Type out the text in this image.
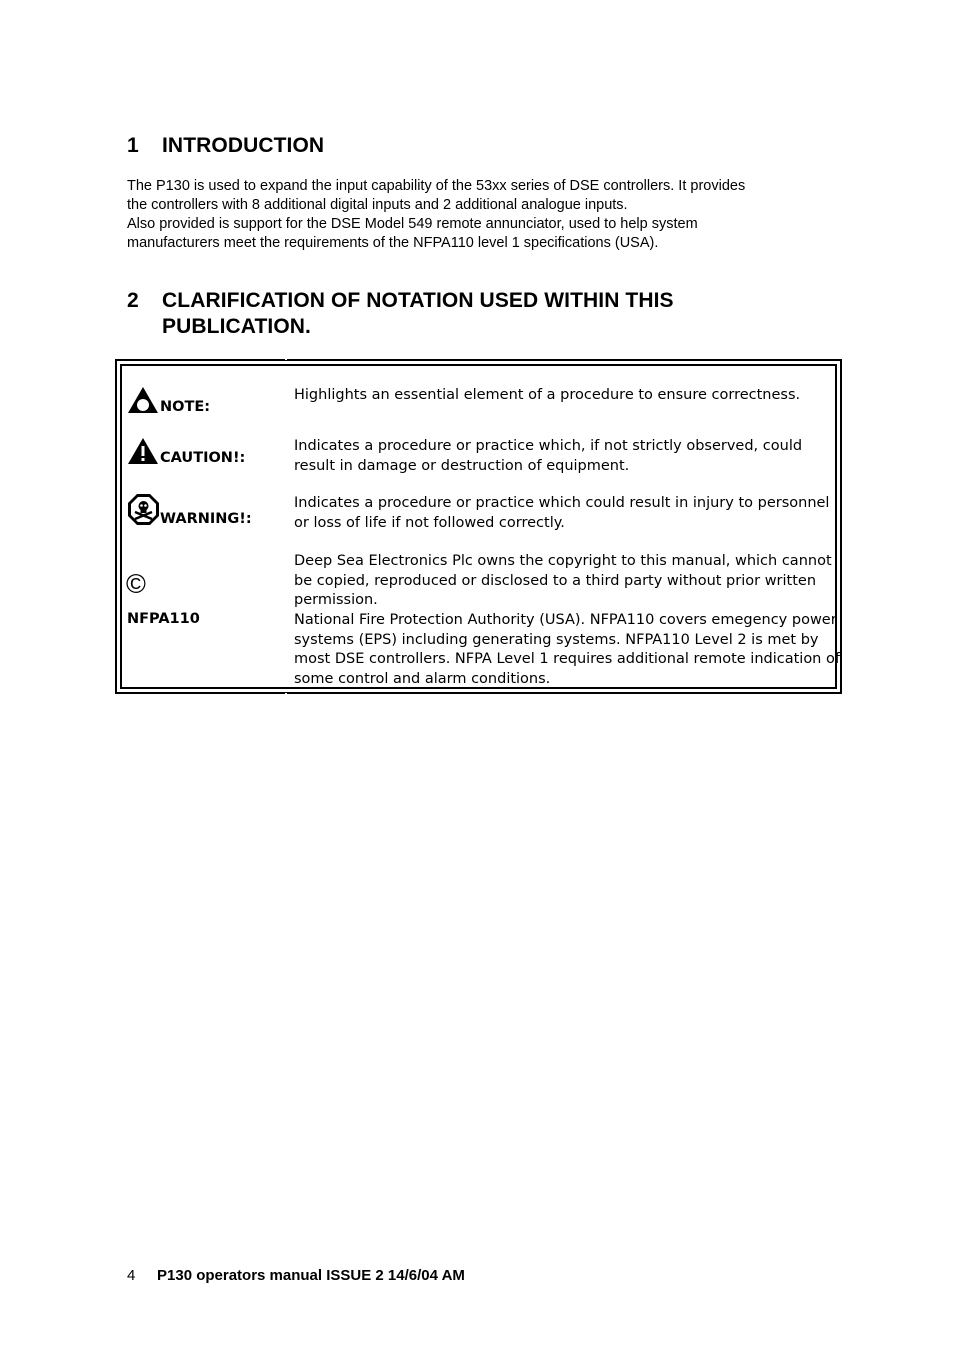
1 INTRODUCTION
The P130 is used to expand the input capability of the 53xx series of DSE controllers. It provides
the controllers with 8 additional digital inputs and 2 additional analogue inputs.
Also provided is support for the DSE Model 549 remote annunciator, used to help system
manufacturers meet the requirements of the NFPA110 level 1 specifications (USA).
2 CLARIFICATION OF NOTATION USED WITHIN THIS
PUBLICATION.
NOTE:
Highlights an essential element of a procedure to ensure correctness.
CAUTION!:
Indicates a procedure or practice which, if not strictly observed, could
result in damage or destruction of equipment.
WARNING!:
Indicates a procedure or practice which could result in injury to personnel
or loss of life if not followed correctly.
©
Deep Sea Electronics Plc owns the copyright to this manual, which cannot
be copied, reproduced or disclosed to a third party without prior written
permission.
NFPA110	National Fire Protection Authority (USA). NFPA110 covers emegency power
systems (EPS) including generating systems. NFPA110 Level 2 is met by
most DSE controllers. NFPA Level 1 requires additional remote indication of
some control and alarm conditions.
4 P130 operators manual ISSUE 2 14/6/04 AM
